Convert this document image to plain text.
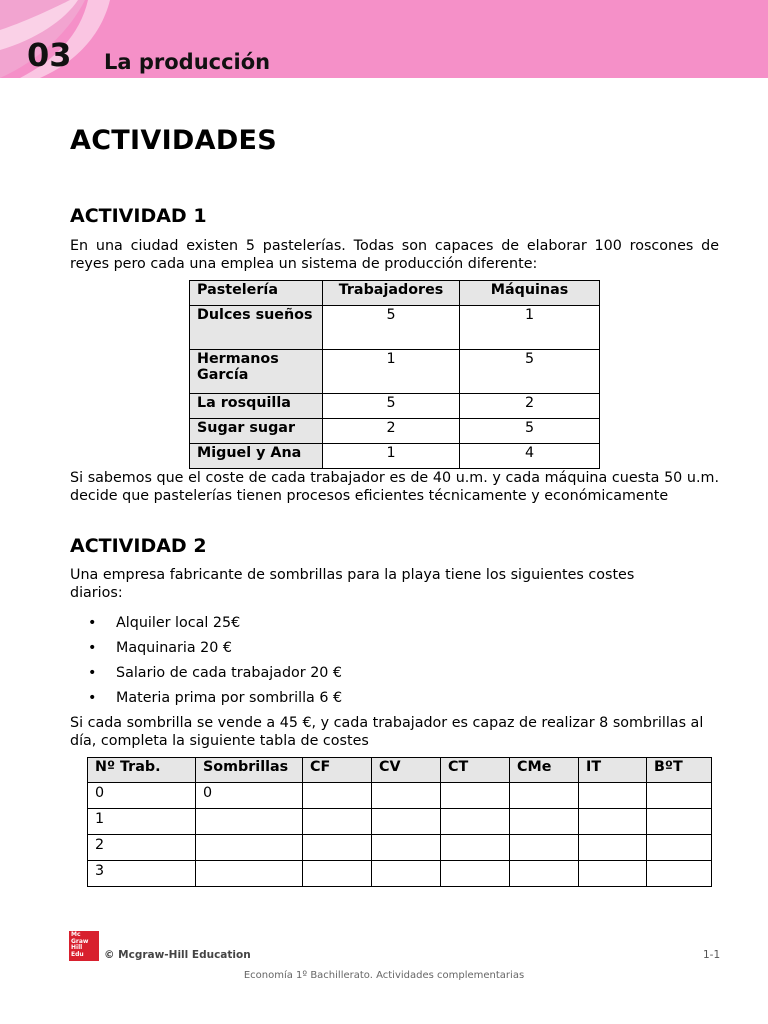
03 La producción
ACTIVIDADES
ACTIVIDAD 1

En una ciudad existen 5 pastelerías. Todas son capaces de elaborar 100 roscones de reyes pero cada una emplea un sistema de producción diferente:

Pastelería	Trabajadores	Máquinas
Dulces sueños	5	1
Hermanos García	1	5
La rosquilla	5	2
Sugar sugar	2	5
Miguel y Ana	1	4

Si sabemos que el coste de cada trabajador es de 40 u.m. y cada máquina cuesta 50 u.m. decide que pastelerías tienen procesos eficientes técnicamente y económicamente

ACTIVIDAD 2

Una empresa fabricante de sombrillas para la playa tiene los siguientes costes diarios:

• Alquiler local 25€
• Maquinaria 20 €
• Salario de cada trabajador 20 €
• Materia prima por sombrilla 6 €

Si cada sombrilla se vende a 45 €, y cada trabajador es capaz de realizar 8 sombrillas al día, completa la siguiente tabla de costes

Nº Trab.	Sombrillas	CF	CV	CT	CMe	IT	BºT
0	0						
1							
2							
3							
Mc
Graw
Hill
Edu	© Mcgraw-Hill Education	1-1
Economía 1º Bachillerato. Actividades complementarias
